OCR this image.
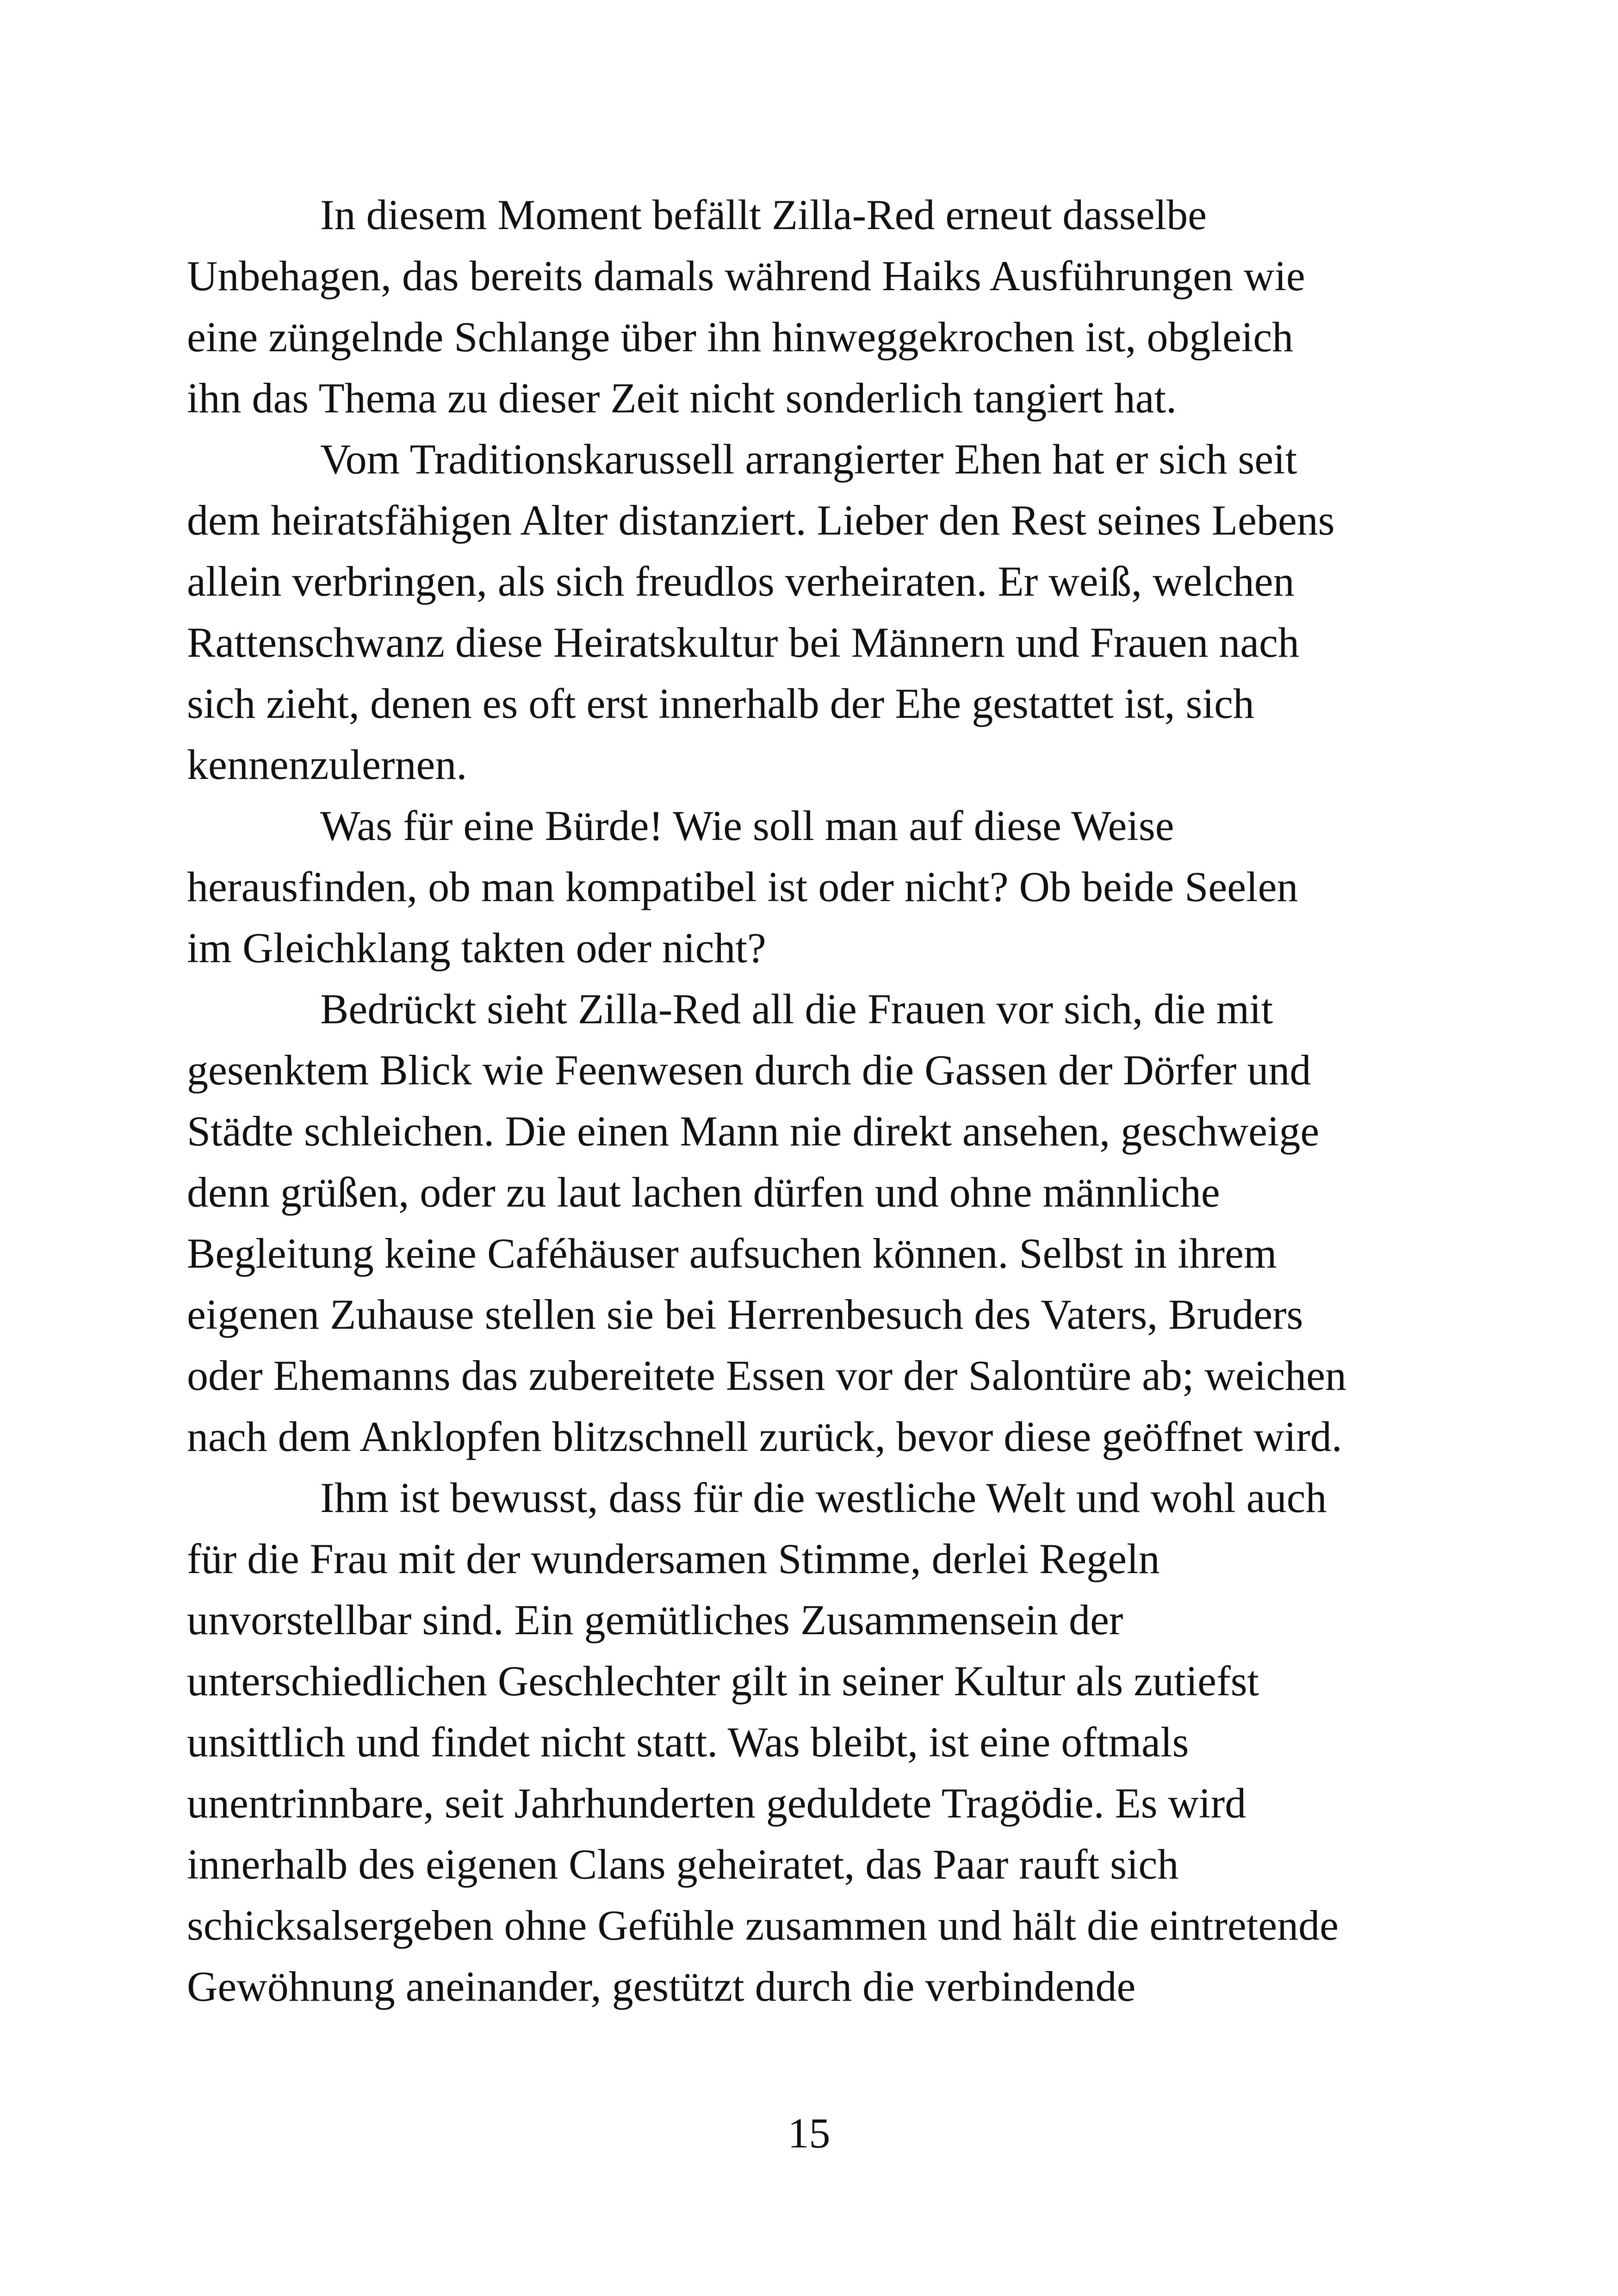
In diesem Moment befällt Zilla-Red erneut dasselbe
Unbehagen, das bereits damals während Haiks Ausführungen wie
eine züngelnde Schlange über ihn hinweggekrochen ist, obgleich
ihn das Thema zu dieser Zeit nicht sonderlich tangiert hat.
Vom Traditionskarussell arrangierter Ehen hat er sich seit
dem heiratsfähigen Alter distanziert. Lieber den Rest seines Lebens
allein verbringen, als sich freudlos verheiraten. Er weiß, welchen
Rattenschwanz diese Heiratskultur bei Männern und Frauen nach
sich zieht, denen es oft erst innerhalb der Ehe gestattet ist, sich
kennenzulernen.
Was für eine Bürde! Wie soll man auf diese Weise
herausfinden, ob man kompatibel ist oder nicht? Ob beide Seelen
im Gleichklang takten oder nicht?
Bedrückt sieht Zilla-Red all die Frauen vor sich, die mit
gesenktem Blick wie Feenwesen durch die Gassen der Dörfer und
Städte schleichen. Die einen Mann nie direkt ansehen, geschweige
denn grüßen, oder zu laut lachen dürfen und ohne männliche
Begleitung keine Caféhäuser aufsuchen können. Selbst in ihrem
eigenen Zuhause stellen sie bei Herrenbesuch des Vaters, Bruders
oder Ehemanns das zubereitete Essen vor der Salontüre ab; weichen
nach dem Anklopfen blitzschnell zurück, bevor diese geöffnet wird.
Ihm ist bewusst, dass für die westliche Welt und wohl auch
für die Frau mit der wundersamen Stimme, derlei Regeln
unvorstellbar sind. Ein gemütliches Zusammensein der
unterschiedlichen Geschlechter gilt in seiner Kultur als zutiefst
unsittlich und findet nicht statt. Was bleibt, ist eine oftmals
unentrinnbare, seit Jahrhunderten geduldete Tragödie. Es wird
innerhalb des eigenen Clans geheiratet, das Paar rauft sich
schicksalsergeben ohne Gefühle zusammen und hält die eintretende
Gewöhnung aneinander, gestützt durch die verbindende
15
